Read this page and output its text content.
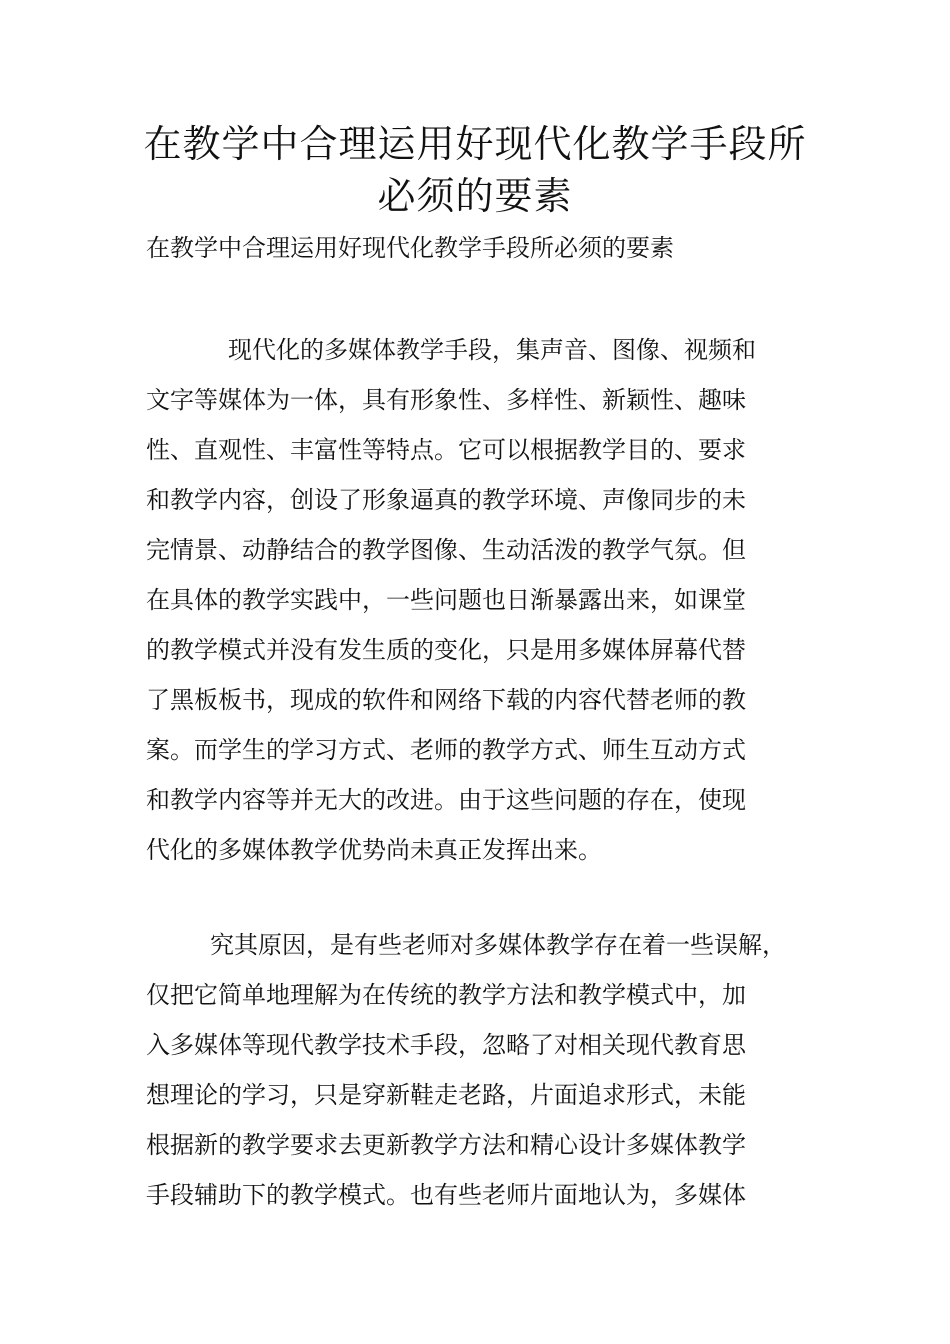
在教学中合理运用好现代化教学手段所
必须的要素

在教学中合理运用好现代化教学手段所必须的要素

现代化的多媒体教学手段，集声音、图像、视频和
文字等媒体为一体，具有形象性、多样性、新颖性、趣味
性、直观性、丰富性等特点。它可以根据教学目的、要求
和教学内容，创设了形象逼真的教学环境、声像同步的未
完情景、动静结合的教学图像、生动活泼的教学气氛。但
在具体的教学实践中，一些问题也日渐暴露出来，如课堂
的教学模式并没有发生质的变化，只是用多媒体屏幕代替
了黑板板书，现成的软件和网络下载的内容代替老师的教
案。而学生的学习方式、老师的教学方式、师生互动方式
和教学内容等并无大的改进。由于这些问题的存在，使现
代化的多媒体教学优势尚未真正发挥出来。
究其原因，是有些老师对多媒体教学存在着一些误解，
仅把它简单地理解为在传统的教学方法和教学模式中，加
入多媒体等现代教学技术手段，忽略了对相关现代教育思
想理论的学习，只是穿新鞋走老路，片面追求形式，未能
根据新的教学要求去更新教学方法和精心设计多媒体教学
手段辅助下的教学模式。也有些老师片面地认为，多媒体
